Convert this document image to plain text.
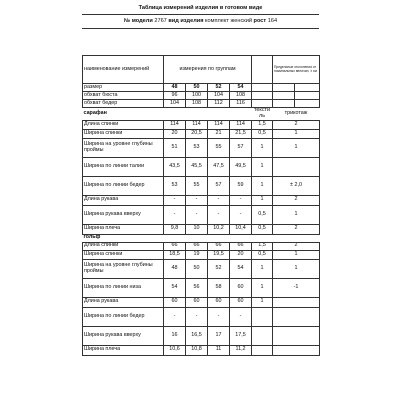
Таблица измерений изделия в готовом виде
№ модели 2767 вид изделия комплект женский рост 164
наименование измерений	измерения по группам					Предельные отклонения от номинальных величин, ± см	
размер	48	50	52	54			
обхват бюста	96	100	104	108			
обхват бедер	104	108	112	116			
сарафан					тексти ль	трикотаж	
Длина спинки	114	114	114	114	1,5	2	
Ширина спинки	20	20,5	21	21,5	0,5	1	
Ширина на уровне глубины проймы	51	53	55	57	1	1	
Ширина по линии талии	43,5	45,5	47,5	49,5	1		
Ширина по линии бедер	53	55	57	59	1	± 2,0	
Длина рукава	-	-	-	-	1	2	
Ширина рукава вверху	-	-	-	-	0,5	1	
Ширина плеча	9,8	10	10,2	10,4	0,5	2	
гольф							
Длина спинки	66	66	66	66	1,5	2	
Ширина спинки	18,5	19	19,5	20	0,5	1	
Ширина на уровне глубины проймы	48	50	52	54	1	1	
Ширина по линии низа	54	56	58	60	1	-1	
Длина рукава	60	60	60	60	1		
Ширина по линии бедер	-	-	-	-			
Ширина рукава вверху	16	16,5	17	17,5			
Ширина плеча	10,6	10,8	11	11,2			
